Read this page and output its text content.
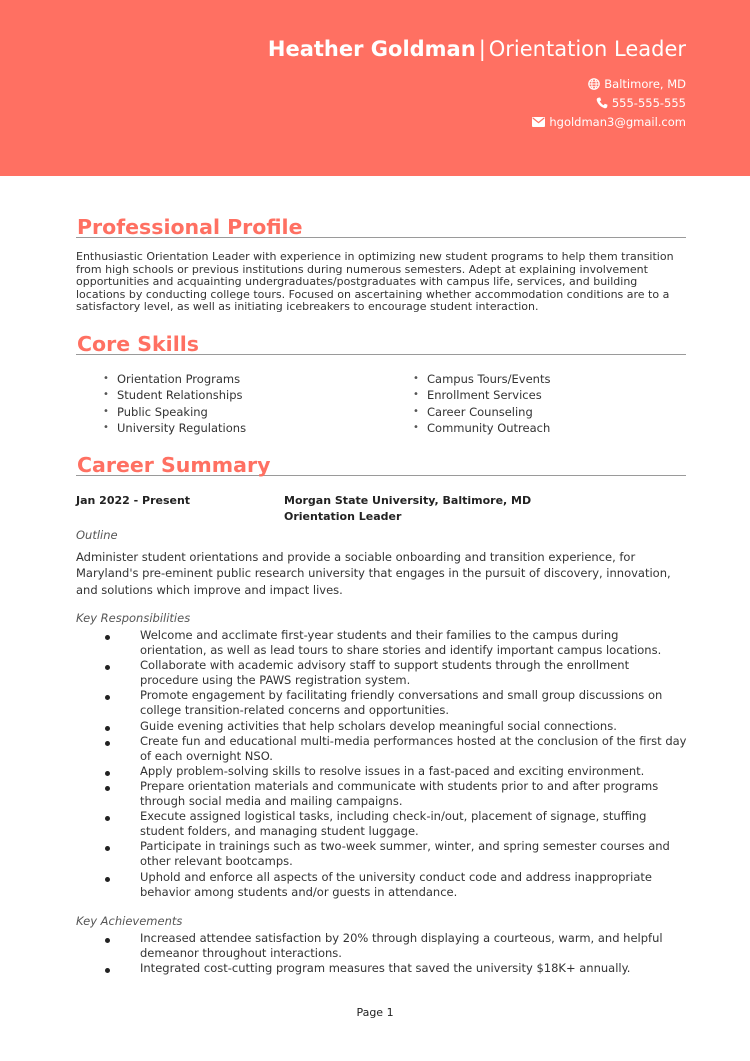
Heather Goldman | Orientation Leader
Baltimore, MD
555-555-555
hgoldman3@gmail.com
Professional Profile
Enthusiastic Orientation Leader with experience in optimizing new student programs to help them transition from high schools or previous institutions during numerous semesters. Adept at explaining involvement opportunities and acquainting undergraduates/postgraduates with campus life, services, and building locations by conducting college tours. Focused on ascertaining whether accommodation conditions are to a satisfactory level, as well as initiating icebreakers to encourage student interaction.
Core Skills
• Orientation Programs
• Student Relationships
• Public Speaking
• University Regulations
• Campus Tours/Events
• Enrollment Services
• Career Counseling
• Community Outreach
Career Summary
Jan 2022 - Present	Morgan State University, Baltimore, MD
Orientation Leader
Outline
Administer student orientations and provide a sociable onboarding and transition experience, for Maryland's pre-eminent public research university that engages in the pursuit of discovery, innovation, and solutions which improve and impact lives.
Key Responsibilities
Welcome and acclimate first-year students and their families to the campus during orientation, as well as lead tours to share stories and identify important campus locations.
Collaborate with academic advisory staff to support students through the enrollment procedure using the PAWS registration system.
Promote engagement by facilitating friendly conversations and small group discussions on college transition-related concerns and opportunities.
Guide evening activities that help scholars develop meaningful social connections.
Create fun and educational multi-media performances hosted at the conclusion of the first day of each overnight NSO.
Apply problem-solving skills to resolve issues in a fast-paced and exciting environment.
Prepare orientation materials and communicate with students prior to and after programs through social media and mailing campaigns.
Execute assigned logistical tasks, including check-in/out, placement of signage, stuffing student folders, and managing student luggage.
Participate in trainings such as two-week summer, winter, and spring semester courses and other relevant bootcamps.
Uphold and enforce all aspects of the university conduct code and address inappropriate behavior among students and/or guests in attendance.
Key Achievements
Increased attendee satisfaction by 20% through displaying a courteous, warm, and helpful demeanor throughout interactions.
Integrated cost-cutting program measures that saved the university $18K+ annually.
Page 1
